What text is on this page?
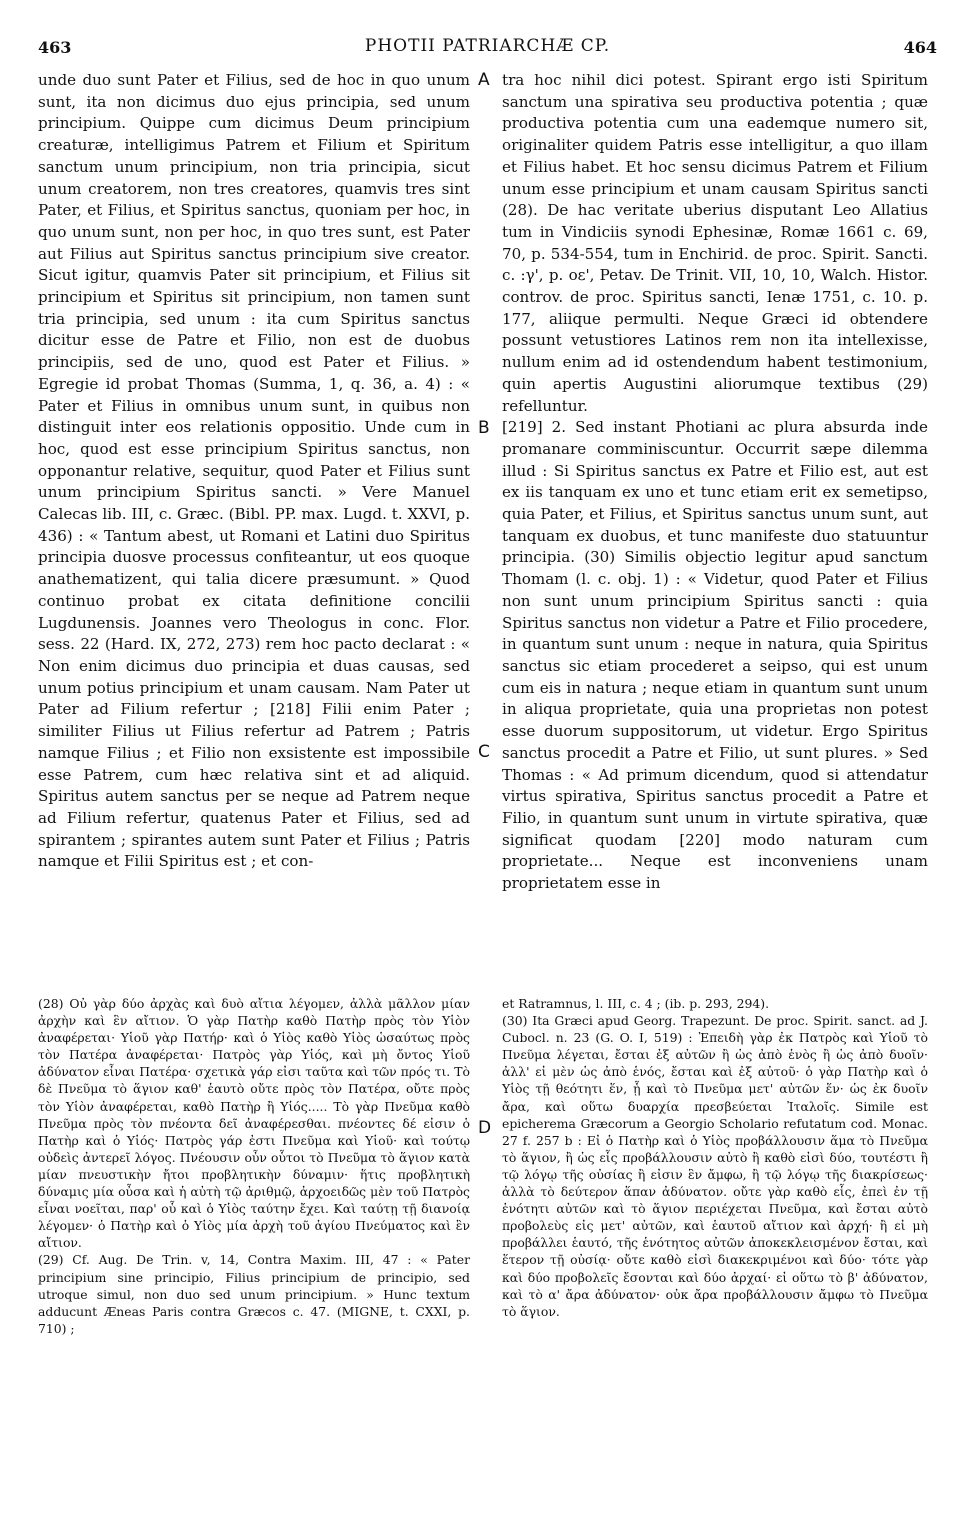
463	PHOTII PATRIARCHÆ CP.	464
A
B
C
D

unde duo sunt Pater et Filius, sed de hoc in quo unum sunt, ita non dicimus duo ejus principia, sed unum principium. Quippe cum dicimus Deum principium creaturæ, intelligimus Patrem et Filium et Spiritum sanctum unum principium, non tria principia, sicut unum creatorem, non tres creatores, quamvis tres sint Pater, et Filius, et Spiritus sanctus, quoniam per hoc, in quo unum sunt, non per hoc, in quo tres sunt, est Pater aut Filius aut Spiritus sanctus principium sive creator. Sicut igitur, quamvis Pater sit principium, et Filius sit principium et Spiritus sit principium, non tamen sunt tria principia, sed unum : ita cum Spiritus sanctus dicitur esse de Patre et Filio, non est de duobus principiis, sed de uno, quod est Pater et Filius. » Egregie id probat Thomas (Summa, 1, q. 36, a. 4) : « Pater et Filius in omnibus unum sunt, in quibus non distinguit inter eos relationis oppositio. Unde cum in hoc, quod est esse principium Spiritus sanctus, non opponantur relative, sequitur, quod Pater et Filius sunt unum principium Spiritus sancti. » Vere Manuel Calecas lib. III, c. Græc. (Bibl. PP. max. Lugd. t. XXVI, p. 436) : « Tantum abest, ut Romani et Latini duo Spiritus principia duosve processus confiteantur, ut eos quoque anathematizent, qui talia dicere præsumunt. » Quod continuo probat ex citata definitione concilii Lugdunensis. Joannes vero Theologus in conc. Flor. sess. 22 (Hard. IX, 272, 273) rem hoc pacto declarat : « Non enim dicimus duo principia et duas causas, sed unum potius principium et unam causam. Nam Pater ut Pater ad Filium refertur ; [218] Filii enim Pater ; similiter Filius ut Filius refertur ad Patrem ; Patris namque Filius ; et Filio non exsistente est impossibile esse Patrem, cum hæc relativa sint et ad aliquid. Spiritus autem sanctus per se neque ad Patrem neque ad Filium refertur, quatenus Pater et Filius, sed ad spirantem ; spirantes autem sunt Pater et Filius ; Patris namque et Filii Spiritus est ; et con-

tra hoc nihil dici potest. Spirant ergo isti Spiritum sanctum una spirativa seu productiva potentia ; quæ productiva potentia cum una eademque numero sit, originaliter quidem Patris esse intelligitur, a quo illam et Filius habet. Et hoc sensu dicimus Patrem et Filium unum esse principium et unam causam Spiritus sancti (28). De hac veritate uberius disputant Leo Allatius tum in Vindiciis synodi Ephesinæ, Romæ 1661 c. 69, 70, p. 534-554, tum in Enchirid. de proc. Spirit. Sancti. c. :γ', p. οε', Petav. De Trinit. VII, 10, 10, Walch. Histor. controv. de proc. Spiritus sancti, Ienæ 1751, c. 10. p. 177, aliique permulti. Neque Græci id obtendere possunt vetustiores Latinos rem non ita intellexisse, nullum enim ad id ostendendum habent testimonium, quin apertis Augustini aliorumque textibus (29) refelluntur.

[219] 2. Sed instant Photiani ac plura absurda inde promanare comminiscuntur. Occurrit sæpe dilemma illud : Si Spiritus sanctus ex Patre et Filio est, aut est ex iis tanquam ex uno et tunc etiam erit ex semetipso, quia Pater, et Filius, et Spiritus sanctus unum sunt, aut tanquam ex duobus, et tunc manifeste duo statuuntur principia. (30) Similis objectio legitur apud sanctum Thomam (l. c. obj. 1) : « Videtur, quod Pater et Filius non sunt unum principium Spiritus sancti : quia Spiritus sanctus non videtur a Patre et Filio procedere, in quantum sunt unum : neque in natura, quia Spiritus sanctus sic etiam procederet a seipso, qui est unum cum eis in natura ; neque etiam in quantum sunt unum in aliqua proprietate, quia una proprietas non potest esse duorum suppositorum, ut videtur. Ergo Spiritus sanctus procedit a Patre et Filio, ut sunt plures. » Sed Thomas : « Ad primum dicendum, quod si attendatur virtus spirativa, Spiritus sanctus procedit a Patre et Filio, in quantum sunt unum in virtute spirativa, quæ significat quodam [220] modo naturam cum proprietate... Neque est inconveniens unam proprietatem esse in

(28) Οὐ γὰρ δύο ἀρχὰς καὶ δυὸ αἴτια λέγομεν, ἀλλὰ μᾶλλον μίαν ἀρχὴν καὶ ἓν αἴτιον. Ὁ γὰρ Πατὴρ καθὸ Πατὴρ πρὸς τὸν Υἱὸν ἀναφέρεται· Υἱοῦ γὰρ Πατήρ· καὶ ὁ Υἱὸς καθὸ Υἱὸς ὡσαύτως πρὸς τὸν Πατέρα ἀναφέρεται· Πατρὸς γὰρ Υἱός, καὶ μὴ ὄντος Υἱοῦ ἀδύνατον εἶναι Πατέρα· σχετικὰ γάρ εἰσι ταῦτα καὶ τῶν πρός τι. Τὸ δὲ Πνεῦμα τὸ ἅγιον καθ' ἑαυτὸ οὔτε πρὸς τὸν Πατέρα, οὔτε πρὸς τὸν Υἱὸν ἀναφέρεται, καθὸ Πατὴρ ἢ Υἱός..... Τὸ γὰρ Πνεῦμα καθὸ Πνεῦμα πρὸς τὸν πνέοντα δεῖ ἀναφέρεσθαι. πνέοντες δέ εἰσιν ὁ Πατὴρ καὶ ὁ Υἱός· Πατρὸς γάρ ἐστι Πνεῦμα καὶ Υἱοῦ· καὶ τούτῳ οὐδεὶς ἀντερεῖ λόγος. Πνέουσιν οὖν οὗτοι τὸ Πνεῦμα τὸ ἅγιον κατὰ μίαν πνευστικὴν ἤτοι προβλητικὴν δύναμιν· ἥτις προβλητικὴ δύναμις μία οὖσα καὶ ἡ αὐτὴ τῷ ἀριθμῷ, ἀρχοειδῶς μὲν τοῦ Πατρὸς εἶναι νοεῖται, παρ' οὗ καὶ ὁ Υἱὸς ταύτην ἔχει. Καὶ ταύτῃ τῇ διανοίᾳ λέγομεν· ὁ Πατὴρ καὶ ὁ Υἱὸς μία ἀρχὴ τοῦ ἁγίου Πνεύματος καὶ ἓν αἴτιον.

(29) Cf. Aug. De Trin. v, 14, Contra Maxim. III, 47 : « Pater principium sine principio, Filius principium de principio, sed utroque simul, non duo sed unum principium. » Hunc textum adducunt Æneas Paris contra Græcos c. 47. (MIGNE, t. CXXI, p. 710) ;

et Ratramnus, l. III, c. 4 ; (ib. p. 293, 294).

(30) Ita Græci apud Georg. Trapezunt. De proc. Spirit. sanct. ad J. Cubocl. n. 23 (G. O. I, 519) : Ἐπειδὴ γὰρ ἐκ Πατρὸς καὶ Υἱοῦ τὸ Πνεῦμα λέγεται, ἔσται ἐξ αὐτῶν ἢ ὡς ἀπὸ ἑνὸς ἢ ὡς ἀπὸ δυοῖν· ἀλλ' εἰ μὲν ὡς ἀπὸ ἑνός, ἔσται καὶ ἐξ αὐτοῦ· ὁ γὰρ Πατὴρ καὶ ὁ Υἱὸς τῇ θεότητι ἕν, ᾗ καὶ τὸ Πνεῦμα μετ' αὐτῶν ἕν· ὡς ἐκ δυοῖν ἄρα, καὶ οὕτω δυαρχία πρεσβεύεται Ἰταλοῖς. Simile est epicherema Græcorum a Georgio Scholario refutatum cod. Monac. 27 f. 257 b : Εἰ ὁ Πατὴρ καὶ ὁ Υἱὸς προβάλλουσιν ἅμα τὸ Πνεῦμα τὸ ἅγιον, ἢ ὡς εἷς προβάλλουσιν αὐτὸ ἢ καθὸ εἰσὶ δύο, τουτέστι ἢ τῷ λόγῳ τῆς οὐσίας ἢ εἰσιν ἓν ἄμφω, ἢ τῷ λόγῳ τῆς διακρίσεως· ἀλλὰ τὸ δεύτερον ἅπαν ἀδύνατον. οὔτε γὰρ καθὸ εἷς, ἐπεὶ ἐν τῇ ἑνότητι αὐτῶν καὶ τὸ ἅγιον περιέχεται Πνεῦμα, καὶ ἔσται αὐτὸ προβολεὺς εἰς μετ' αὐτῶν, καὶ ἑαυτοῦ αἴτιον καὶ ἀρχή· ἢ εἰ μὴ προβάλλει ἑαυτό, τῆς ἑνότητος αὐτῶν ἀποκεκλεισμένον ἔσται, καὶ ἕτερον τῇ οὐσίᾳ· οὔτε καθὸ εἰσὶ διακεκριμένοι καὶ δύο· τότε γὰρ καὶ δύο προβολεῖς ἔσονται καὶ δύο ἀρχαί· εἰ οὕτω τὸ β' ἀδύνατον, καὶ τὸ α' ἄρα ἀδύνατον· οὐκ ἄρα προβάλλουσιν ἄμφω τὸ Πνεῦμα τὸ ἅγιον.
